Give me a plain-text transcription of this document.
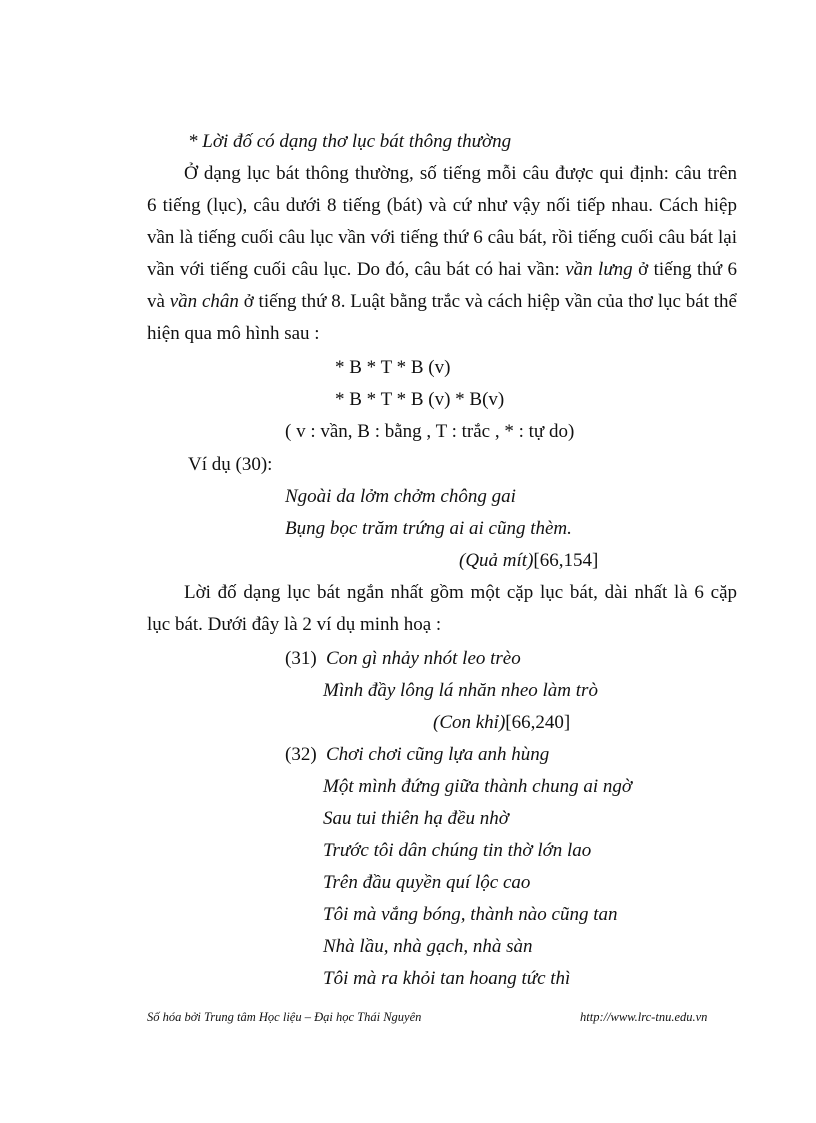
* Lời đố có dạng thơ lục bát thông thường
Ở dạng lục bát thông thường, số tiếng mỗi câu được qui định: câu trên
6 tiếng (lục), câu dưới 8 tiếng (bát) và cứ như vậy nối tiếp nhau. Cách hiệp
vần là tiếng cuối câu lục vần với tiếng thứ 6 câu bát, rồi tiếng cuối câu bát lại
vần với tiếng cuối câu lục. Do đó, câu bát có hai vần: vần lưng ở tiếng thứ 6
và vần chân ở tiếng thứ 8. Luật bằng trắc và cách hiệp vần của thơ lục bát thể
hiện qua mô hình sau :
* B * T * B (v)
* B * T * B (v) * B(v)
( v : vần, B : bằng , T : trắc , * : tự do)
Ví dụ (30):
Ngoài da lởm chởm chông gai
Bụng bọc trăm trứng ai ai cũng thèm.
(Quả mít)[66,154]
Lời đố dạng lục bát ngắn nhất gồm một cặp lục bát, dài nhất là 6 cặp
lục bát. Dưới đây là 2 ví dụ minh hoạ :
(31) Con gì nhảy nhót leo trèo
Mình đầy lông lá nhăn nheo làm trò
(Con khỉ)[66,240]
(32) Chơi chơi cũng lựa anh hùng
Một mình đứng giữa thành chung ai ngờ
Sau tui thiên hạ đều nhờ
Trước tôi dân chúng tin thờ lớn lao
Trên đầu quyền quí lộc cao
Tôi mà vắng bóng, thành nào cũng tan
Nhà lầu, nhà gạch, nhà sàn
Tôi mà ra khỏi tan hoang tức thì
Số hóa bởi Trung tâm Học liệu – Đại học Thái Nguyên	http://www.lrc-tnu.edu.vn
